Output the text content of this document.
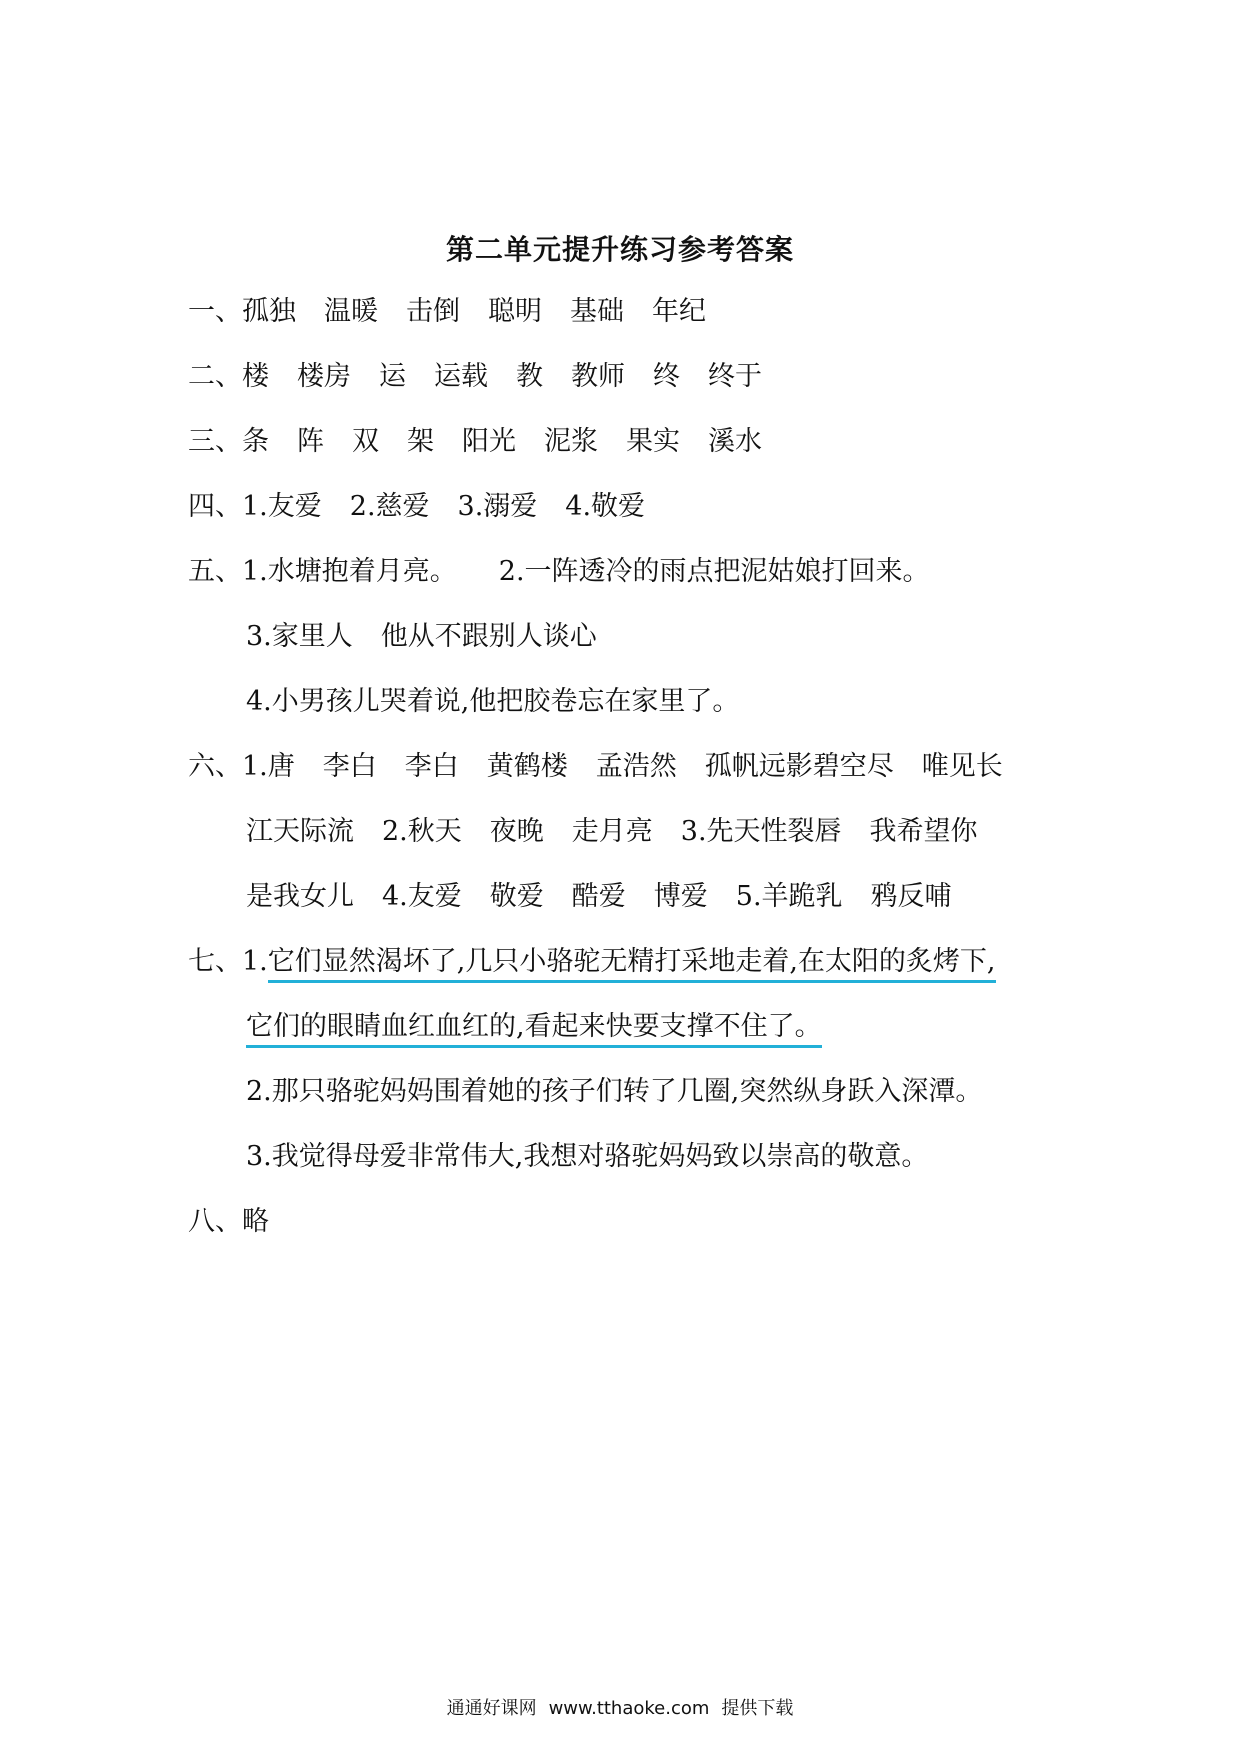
第二单元提升练习参考答案
一、孤独 温暖 击倒 聪明 基础 年纪
二、楼 楼房 运 运载 教 教师 终 终于
三、条 阵 双 架 阳光 泥浆 果实 溪水
四、1.友爱 2.慈爱 3.溺爱 4.敬爱
五、1.水塘抱着月亮。 2.一阵透冷的雨点把泥姑娘打回来。
3.家里人 他从不跟别人谈心
4.小男孩儿哭着说,他把胶卷忘在家里了。
六、1.唐 李白 李白 黄鹤楼 孟浩然 孤帆远影碧空尽 唯见长
江天际流 2.秋天 夜晚 走月亮 3.先天性裂唇 我希望你
是我女儿 4.友爱 敬爱 酷爱 博爱 5.羊跪乳 鸦反哺
七、1.它们显然渴坏了,几只小骆驼无精打采地走着,在太阳的炙烤下,
它们的眼睛血红血红的,看起来快要支撑不住了。
2.那只骆驼妈妈围着她的孩子们转了几圈,突然纵身跃入深潭。
3.我觉得母爱非常伟大,我想对骆驼妈妈致以崇高的敬意。
八、略
通通好课网 www.tthaoke.com 提供下载
